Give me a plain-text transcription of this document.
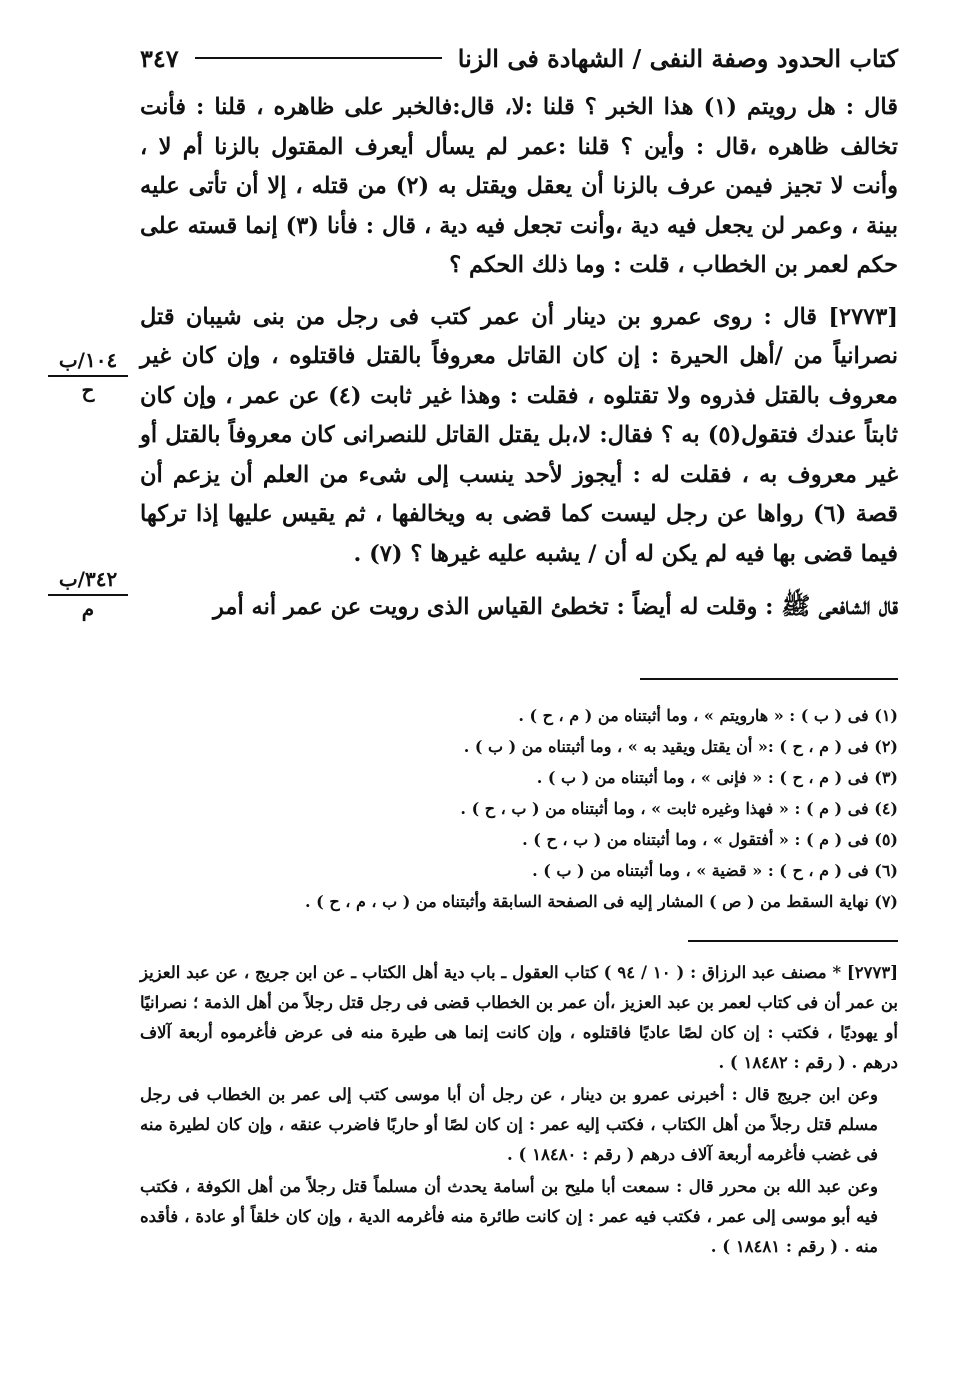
كتاب الحدود وصفة النفى / الشهادة فى الزنا
٣٤٧

قال : هل رويتم (١) هذا الخبر ؟ قلنا :لا، قال:فالخبر على ظاهره ، قلنا : فأنت تخالف ظاهره ،قال : وأين ؟ قلنا :عمر لم يسأل أيعرف المقتول بالزنا أم لا ، وأنت لا تجيز فيمن عرف بالزنا أن يعقل ويقتل به (٢) من قتله ، إلا أن تأتى عليه بينة ، وعمر لن يجعل فيه دية ،وأنت تجعل فيه دية ، قال : فأنا (٣) إنما قسته على حكم لعمر بن الخطاب ، قلت : وما ذلك الحكم ؟

[٢٧٧٣] قال : روى عمرو بن دينار أن عمر كتب فى رجل من بنى شيبان قتل نصرانياً من /أهل الحيرة : إن كان القاتل معروفاً بالقتل فاقتلوه ، وإن كان غير معروف بالقتل فذروه ولا تقتلوه ، فقلت : وهذا غير ثابت (٤) عن عمر ، وإن كان ثابتاً عندك فتقول(٥) به ؟ فقال: لا،بل يقتل القاتل للنصرانى كان معروفاً بالقتل أو غير معروف به ، فقلت له : أيجوز لأحد ينسب إلى شىء من العلم أن يزعم أن قصة (٦) رواها عن رجل ليست كما قضى به ويخالفها ، ثم يقيس عليها إذا تركها فيما قضى بها فيه لم يكن له أن / يشبه عليه غيرها ؟ (٧) .

قال الشافعى ﷺ : وقلت له أيضاً : تخطئ القياس الذى رويت عن عمر أنه أمر

١٠٤/ب
ح
٣٤٢/ب
م
(١) فى ( ب ) : « هارويتم » ، وما أثبتناه من ( م ، ح ) .
(٢) فى ( م ، ح ) :« أن يقتل ويقيد به » ، وما أثبتناه من ( ب ) .
(٣) فى ( م ، ح ) : « فإنى » ، وما أثبتناه من ( ب ) .
(٤) فى ( م ) : « فهذا وغيره ثابت » ، وما أثبتناه من ( ب ، ح ) .
(٥) فى ( م ) : « أفتقول » ، وما أثبتناه من ( ب ، ح ) .
(٦) فى ( م ، ح ) : « قضية » ، وما أثبتناه من ( ب ) .
(٧) نهاية السقط من ( ص ) المشار إليه فى الصفحة السابقة وأثبتناه من ( ب ، م ، ح ) .

[٢٧٧٣] * مصنف عبد الرزاق : ( ١٠ / ٩٤ ) كتاب العقول ـ باب دية أهل الكتاب ـ عن ابن جريج ، عن عبد العزيز بن عمر أن فى كتاب لعمر بن عبد العزيز ،أن عمر بن الخطاب قضى فى رجل قتل رجلاً من أهل الذمة ؛ نصرانيًا أو يهوديًا ، فكتب : إن كان لصًا عاديًا فاقتلوه ، وإن كانت إنما هى طيرة منه فى عرض فأغرموه أربعة آلاف درهم . ( رقم : ١٨٤٨٢ ) .

وعن ابن جريج قال : أخبرنى عمرو بن دينار ، عن رجل أن أبا موسى كتب إلى عمر بن الخطاب فى رجل مسلم قتل رجلاً من أهل الكتاب ، فكتب إليه عمر : إن كان لصًا أو حاربًا فاضرب عنقه ، وإن كان لطيرة منه فى غضب فأغرمه أربعة آلاف درهم ( رقم : ١٨٤٨٠ ) .

وعن عبد الله بن محرر قال : سمعت أبا مليح بن أسامة يحدث أن مسلماً قتل رجلاً من أهل الكوفة ، فكتب فيه أبو موسى إلى عمر ، فكتب فيه عمر : إن كانت طائرة منه فأغرمه الدية ، وإن كان خلقاً أو عادة ، فأقده منه . ( رقم : ١٨٤٨١ ) .
